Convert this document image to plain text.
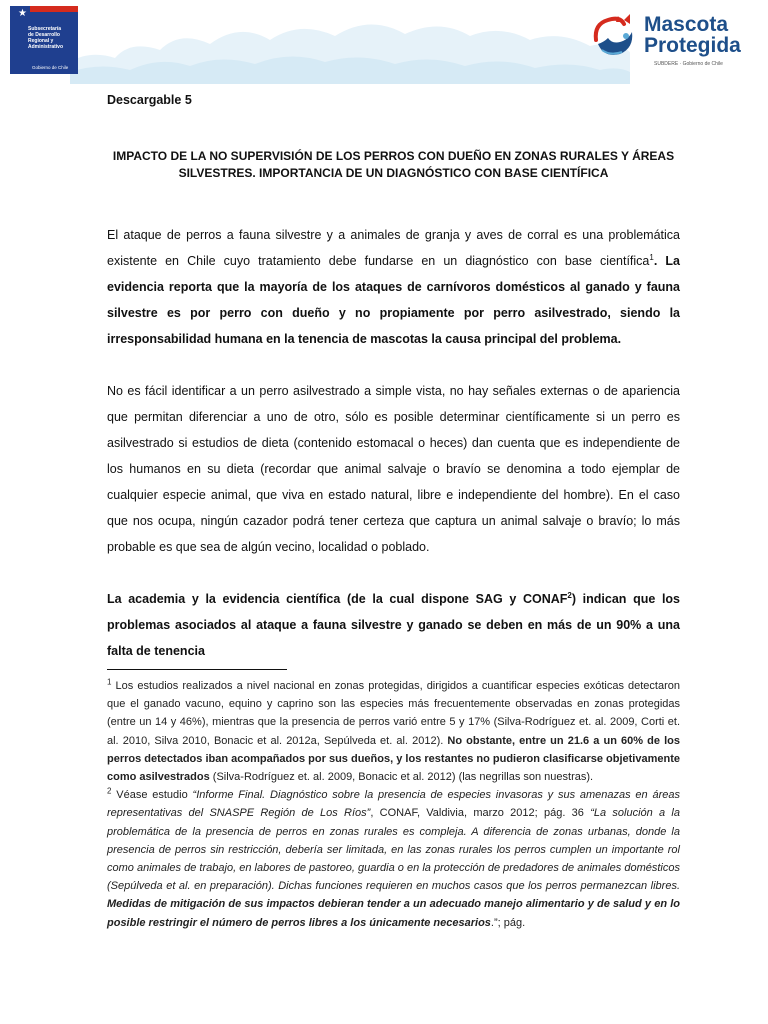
★
Subsecretaría
de Desarrollo
Regional y
Administrativo
Gobierno de Chile
Mascota
Protegida
SUBDERE · Gobierno de Chile

Descargable 5

IMPACTO DE LA NO SUPERVISIÓN DE LOS PERROS CON DUEÑO EN ZONAS RURALES Y ÁREAS
SILVESTRES. IMPORTANCIA DE UN DIAGNÓSTICO CON BASE CIENTÍFICA

El ataque de perros a fauna silvestre y a animales de granja y aves de corral es una problemática existente en Chile cuyo tratamiento debe fundarse en un diagnóstico con base científica$^1$. La evidencia reporta que la mayoría de los ataques de carnívoros domésticos al ganado y fauna silvestre es por perro con dueño y no propiamente por perro asilvestrado, siendo la irresponsabilidad humana en la tenencia de mascotas la causa principal del problema.

No es fácil identificar a un perro asilvestrado a simple vista, no hay señales externas o de apariencia que permitan diferenciar a uno de otro, sólo es posible determinar científicamente si un perro es asilvestrado si estudios de dieta (contenido estomacal o heces) dan cuenta que es independiente de los humanos en su dieta (recordar que animal salvaje o bravío se denomina a todo ejemplar de cualquier especie animal, que viva en estado natural, libre e independiente del hombre). En el caso que nos ocupa, ningún cazador podrá tener certeza que captura un animal salvaje o bravío; lo más probable es que sea de algún vecino, localidad o poblado.

La academia y la evidencia científica (de la cual dispone SAG y CONAF$^2$) indican que los problemas asociados al ataque a fauna silvestre y ganado se deben en más de un 90% a una falta de tenencia

$^1$ Los estudios realizados a nivel nacional en zonas protegidas, dirigidos a cuantificar especies exóticas detectaron que el ganado vacuno, equino y caprino son las especies más frecuentemente observadas en zonas protegidas (entre un 14 y 46%), mientras que la presencia de perros varió entre 5 y 17% (Silva-Rodríguez et. al. 2009, Corti et. al. 2010, Silva 2010, Bonacic et al. 2012a, Sepúlveda et. al. 2012). No obstante, entre un 21.6 a un 60% de los perros detectados iban acompañados por sus dueños, y los restantes no pudieron clasificarse objetivamente como asilvestrados (Silva-Rodríguez et. al. 2009, Bonacic et al. 2012) (las negrillas son nuestras).

$^2$ Véase estudio “Informe Final. Diagnóstico sobre la presencia de especies invasoras y sus amenazas en áreas representativas del SNASPE Región de Los Ríos”, CONAF, Valdivia, marzo 2012; pág. 36 “La solución a la problemática de la presencia de perros en zonas rurales es compleja. A diferencia de zonas urbanas, donde la presencia de perros sin restricción, debería ser limitada, en las zonas rurales los perros cumplen un importante rol como animales de trabajo, en labores de pastoreo, guardia o en la protección de predadores de animales domésticos (Sepúlveda et al. en preparación). Dichas funciones requieren en muchos casos que los perros permanezcan libres. Medidas de mitigación de sus impactos debieran tender a un adecuado manejo alimentario y de salud y en lo posible restringir el número de perros libres a los únicamente necesarios.”; pág.
